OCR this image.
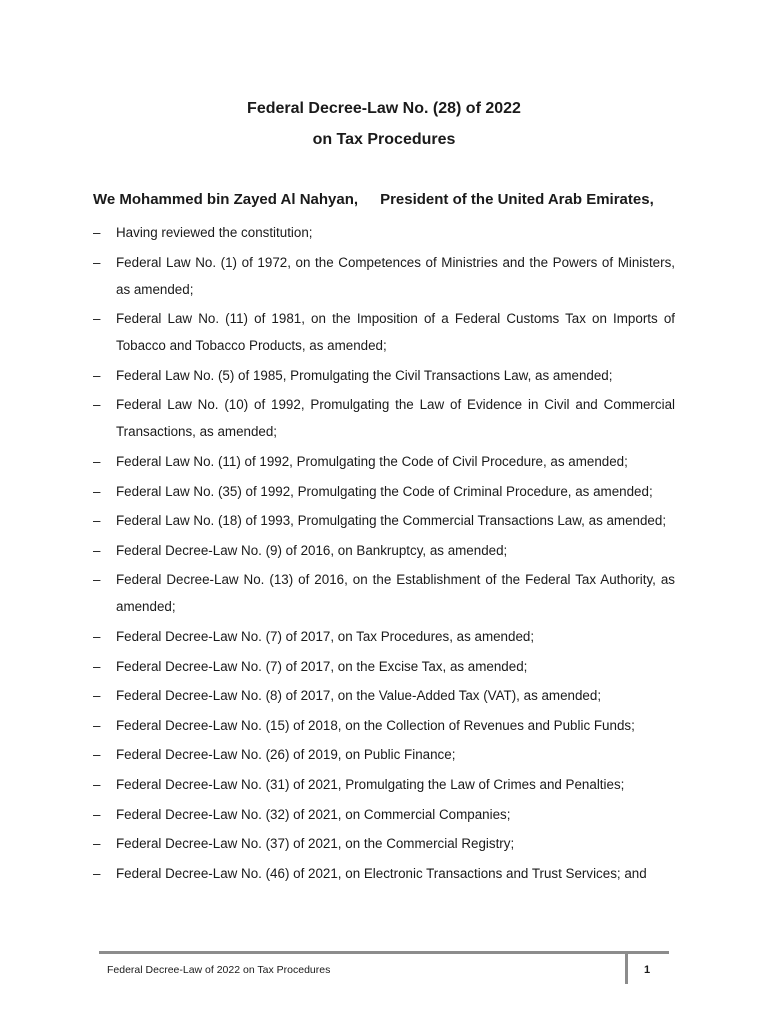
Federal Decree-Law No. (28) of 2022
on Tax Procedures
We Mohammed bin Zayed Al Nahyan, President of the United Arab Emirates,
–	Having reviewed the constitution;
–	Federal Law No. (1) of 1972, on the Competences of Ministries and the Powers of Ministers, as amended;
–	Federal Law No. (11) of 1981, on the Imposition of a Federal Customs Tax on Imports of Tobacco and Tobacco Products, as amended;
–	Federal Law No. (5) of 1985, Promulgating the Civil Transactions Law, as amended;
–	Federal Law No. (10) of 1992, Promulgating the Law of Evidence in Civil and Commercial Transactions, as amended;
–	Federal Law No. (11) of 1992, Promulgating the Code of Civil Procedure, as amended;
–	Federal Law No. (35) of 1992, Promulgating the Code of Criminal Procedure, as amended;
–	Federal Law No. (18) of 1993, Promulgating the Commercial Transactions Law, as amended;
–	Federal Decree-Law No. (9) of 2016, on Bankruptcy, as amended;
–	Federal Decree-Law No. (13) of 2016, on the Establishment of the Federal Tax Authority, as amended;
–	Federal Decree-Law No. (7) of 2017, on Tax Procedures, as amended;
–	Federal Decree-Law No. (7) of 2017, on the Excise Tax, as amended;
–	Federal Decree-Law No. (8) of 2017, on the Value-Added Tax (VAT), as amended;
–	Federal Decree-Law No. (15) of 2018, on the Collection of Revenues and Public Funds;
–	Federal Decree-Law No. (26) of 2019, on Public Finance;
–	Federal Decree-Law No. (31) of 2021, Promulgating the Law of Crimes and Penalties;
–	Federal Decree-Law No. (32) of 2021, on Commercial Companies;
–	Federal Decree-Law No. (37) of 2021, on the Commercial Registry;
–	Federal Decree-Law No. (46) of 2021, on Electronic Transactions and Trust Services; and
Federal Decree-Law of 2022 on Tax Procedures	1
